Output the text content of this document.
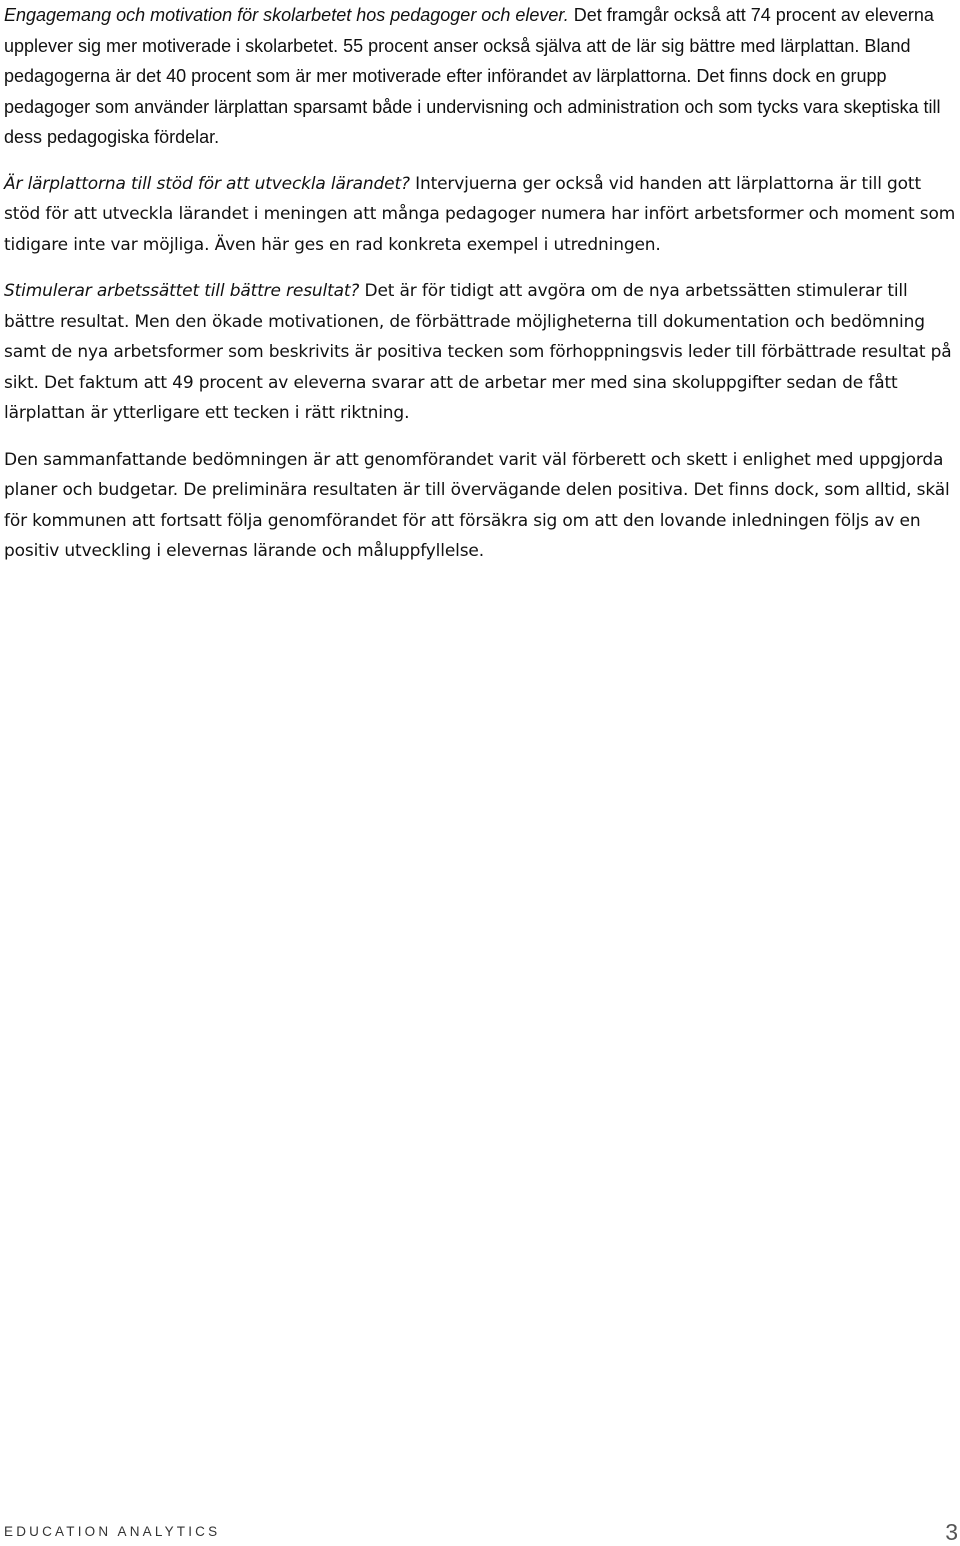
Engagemang och motivation för skolarbetet hos pedagoger och elever. Det framgår också att 74 procent av eleverna upplever sig mer motiverade i skolarbetet. 55 procent anser också själva att de lär sig bättre med lärplattan. Bland pedagogerna är det 40 procent som är mer motiverade efter införandet av lärplattorna. Det finns dock en grupp pedagoger som använder lärplattan sparsamt både i undervisning och administration och som tycks vara skeptiska till dess pedagogiska fördelar.

Är lärplattorna till stöd för att utveckla lärandet? Intervjuerna ger också vid handen att lärplattorna är till gott stöd för att utveckla lärandet i meningen att många pedagoger numera har infört arbetsformer och moment som tidigare inte var möjliga. Även här ges en rad konkreta exempel i utredningen.

Stimulerar arbetssättet till bättre resultat? Det är för tidigt att avgöra om de nya arbetssätten stimulerar till bättre resultat. Men den ökade motivationen, de förbättrade möjligheterna till dokumentation och bedömning samt de nya arbetsformer som beskrivits är positiva tecken som förhoppningsvis leder till förbättrade resultat på sikt. Det faktum att 49 procent av eleverna svarar att de arbetar mer med sina skoluppgifter sedan de fått lärplattan är ytterligare ett tecken i rätt riktning.

Den sammanfattande bedömningen är att genomförandet varit väl förberett och skett i enlighet med uppgjorda planer och budgetar. De preliminära resultaten är till övervägande delen positiva. Det finns dock, som alltid, skäl för kommunen att fortsatt följa genomförandet för att försäkra sig om att den lovande inledningen följs av en positiv utveckling i elevernas lärande och måluppfyllelse.

EDUCATION ANALYTICS	3
